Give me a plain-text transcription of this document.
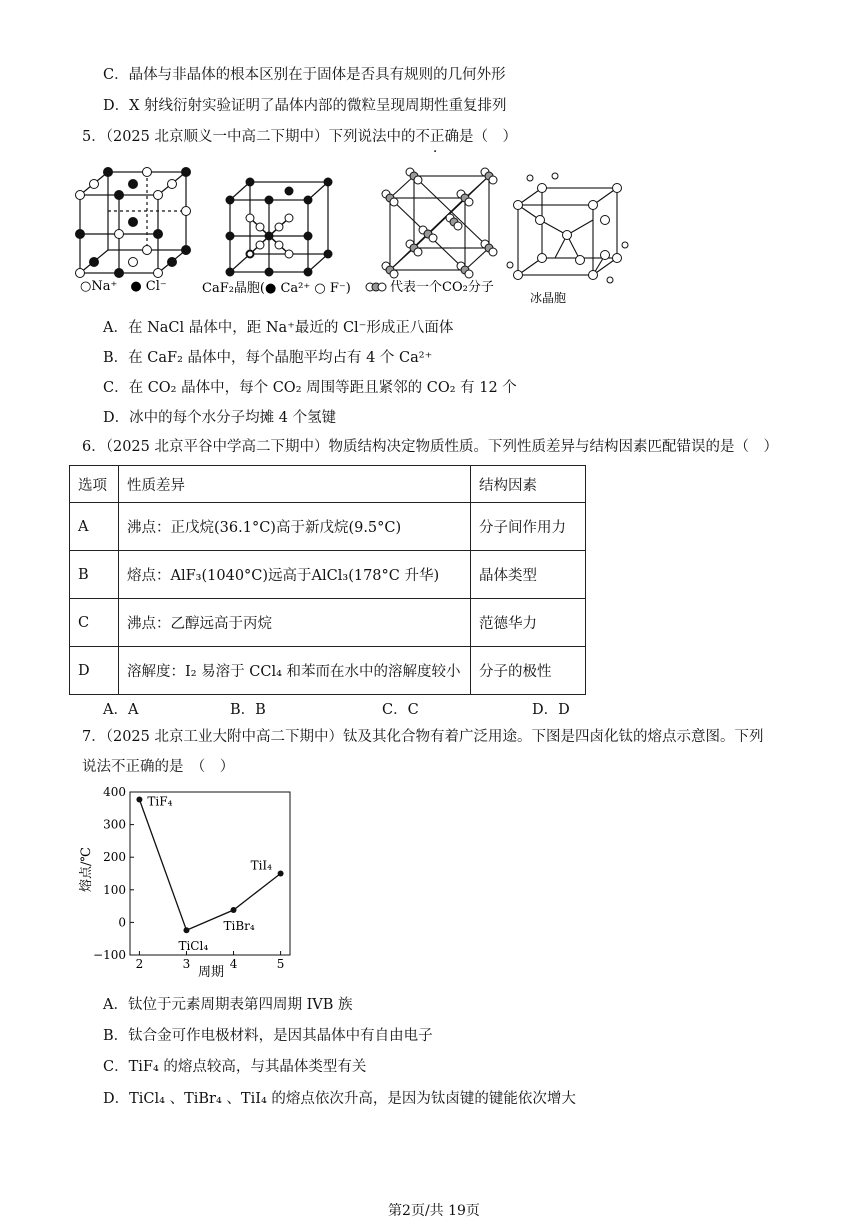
C．晶体与非晶体的根本区别在于固体是否具有规则的几何外形
D．X 射线衍射实验证明了晶体内部的微粒呈现周期性重复排列
5．（2025 北京顺义一中高二下期中）下列说法中的不正确是（　）
○Na⁺　● Cl⁻	CaF₂晶胞(● Ca²⁺ ○ F⁻)	代表一个CO₂分子
冰晶胞
A．在 NaCl 晶体中，距 Na⁺最近的 Cl⁻形成正八面体
B．在 CaF₂ 晶体中，每个晶胞平均占有 4 个 Ca²⁺
C．在 CO₂ 晶体中，每个 CO₂ 周围等距且紧邻的 CO₂ 有 12 个
D．冰中的每个水分子均摊 4 个氢键
6．（2025 北京平谷中学高二下期中）物质结构决定物质性质。下列性质差异与结构因素匹配错误的是（　）
选项	性质差异	结构因素
A	沸点：正戊烷(36.1°C)高于新戊烷(9.5°C)	分子间作用力
B	熔点：AlF₃(1040°C)远高于AlCl₃(178°C 升华)	晶体类型
C	沸点：乙醇远高于丙烷	范德华力
D	溶解度：I₂ 易溶于 CCl₄ 和苯而在水中的溶解度较小	分子的极性
A．A	B．B	C．C	D．D
7．（2025 北京工业大附中高二下期中）钛及其化合物有着广泛用途。下图是四卤化钛的熔点示意图。下列
说法不正确的是　（　）
400
300
200
100
0
−100
2	3	4	5
TiF₄
TiCl₄
TiBr₄
TiI₄
周期
熔点/℃
A．钛位于元素周期表第四周期 IVB 族
B．钛合金可作电极材料，是因其晶体中有自由电子
C．TiF₄ 的熔点较高，与其晶体类型有关
D．TiCl₄ 、TiBr₄ 、TiI₄ 的熔点依次升高，是因为钛卤键的键能依次增大
第2页/共 19页
